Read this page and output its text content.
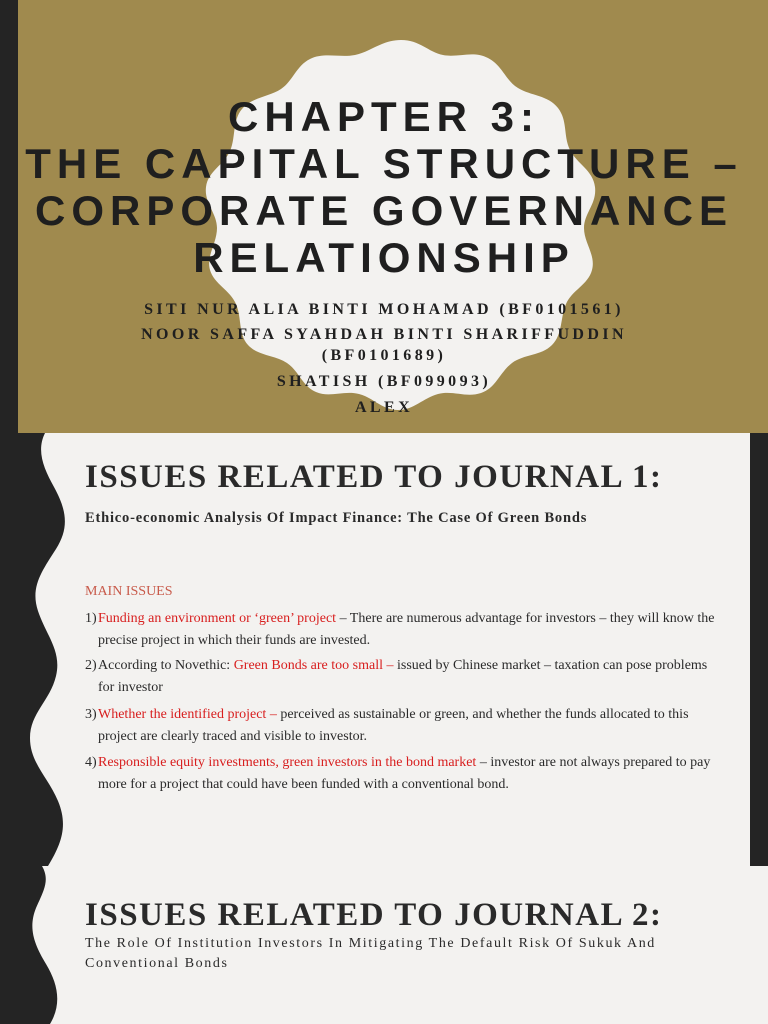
CHAPTER 3:
THE CAPITAL STRUCTURE –
CORPORATE GOVERNANCE
RELATIONSHIP
SITI NUR ALIA BINTI MOHAMAD (BF0101561)
NOOR SAFFA SYAHDAH BINTI SHARIFFUDDIN
(BF0101689)
SHATISH (BF099093)
ALEX
ISSUES RELATED TO JOURNAL 1:
Ethico-economic Analysis Of Impact Finance: The Case Of Green Bonds
MAIN ISSUES
1) Funding an environment or ‘green’ project – There are numerous advantage for investors – they will know the precise project in which their funds are invested.
2) According to Novethic: Green Bonds are too small – issued by Chinese market – taxation can pose problems for investor
3) Whether the identified project – perceived as sustainable or green, and whether the funds allocated to this project are clearly traced and visible to investor.
4) Responsible equity investments, green investors in the bond market – investor are not always prepared to pay more for a project that could have been funded with a conventional bond.
ISSUES RELATED TO JOURNAL 2:
The Role Of Institution Investors In Mitigating The Default Risk Of Sukuk And Conventional Bonds
